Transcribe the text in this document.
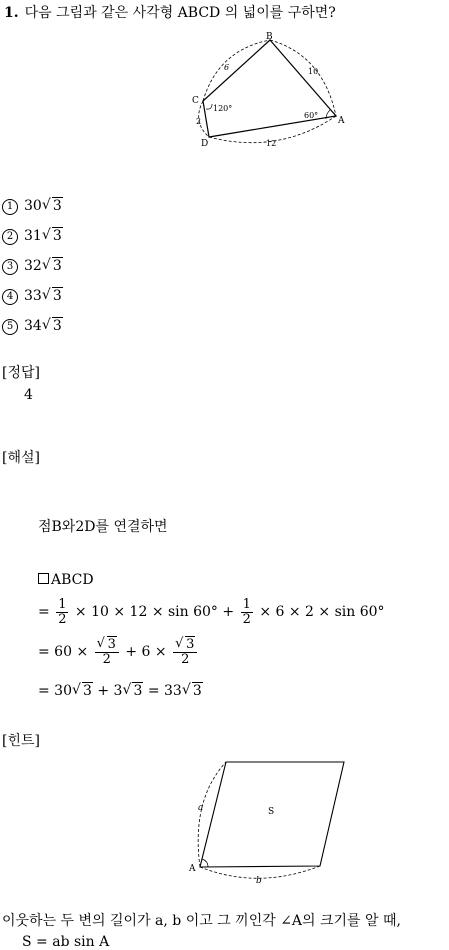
1. 다음 그림과 같은 사각형 ABCD 의 넓이를 구하면?
B
A
C
D
6	10
2
12
120°
60°
1 30 √ 3
2 31 √ 3
3 32 √ 3
4 33 √ 3
5 34 √ 3
[정답]
4
[해설]
점B와2D를 연결하면
ABCD
= $\frac{1}{2} \times 10 \times 12 \times \sin 60^\circ + \frac{1}{2} \times 6 \times 2 \times \sin 60^\circ$
= 60 × √ $\frac{3}{2} + 6$ × √ $\frac{3}{2}$
= 30 √ 3 + 3 √ 3 = 33 √ 3
[힌트]
S
A
a
b
이웃하는 두 변의 길이가 a, b 이고 그 끼인각 ∠A의 크기를 알 때,
S = ab sin A
